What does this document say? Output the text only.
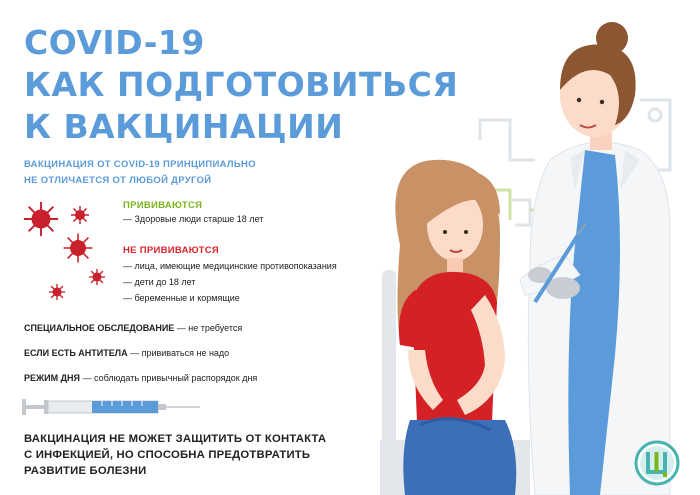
COVID-19
КАК ПОДГОТОВИТЬСЯ
К ВАКЦИНАЦИИ
ВАКЦИНАЦИЯ ОТ COVID-19 ПРИНЦИПИАЛЬНО
НЕ ОТЛИЧАЕТСЯ ОТ ЛЮБОЙ ДРУГОЙ
ПРИВИВАЮТСЯ
— Здоровые люди старше 18 лет
НЕ ПРИВИВАЮТСЯ
— лица, имеющие медицинские противопоказания
— дети до 18 лет
— беременные и кормящие
СПЕЦИАЛЬНОЕ ОБСЛЕДОВАНИЕ — не требуется
ЕСЛИ ЕСТЬ АНТИТЕЛА — прививаться не надо
РЕЖИМ ДНЯ — соблюдать привычный распорядок дня
ВАКЦИНАЦИЯ НЕ МОЖЕТ ЗАЩИТИТЬ ОТ КОНТАКТА
С ИНФЕКЦИЕЙ, НО СПОСОБНА ПРЕДОТВРАТИТЬ
РАЗВИТИЕ БОЛЕЗНИ
